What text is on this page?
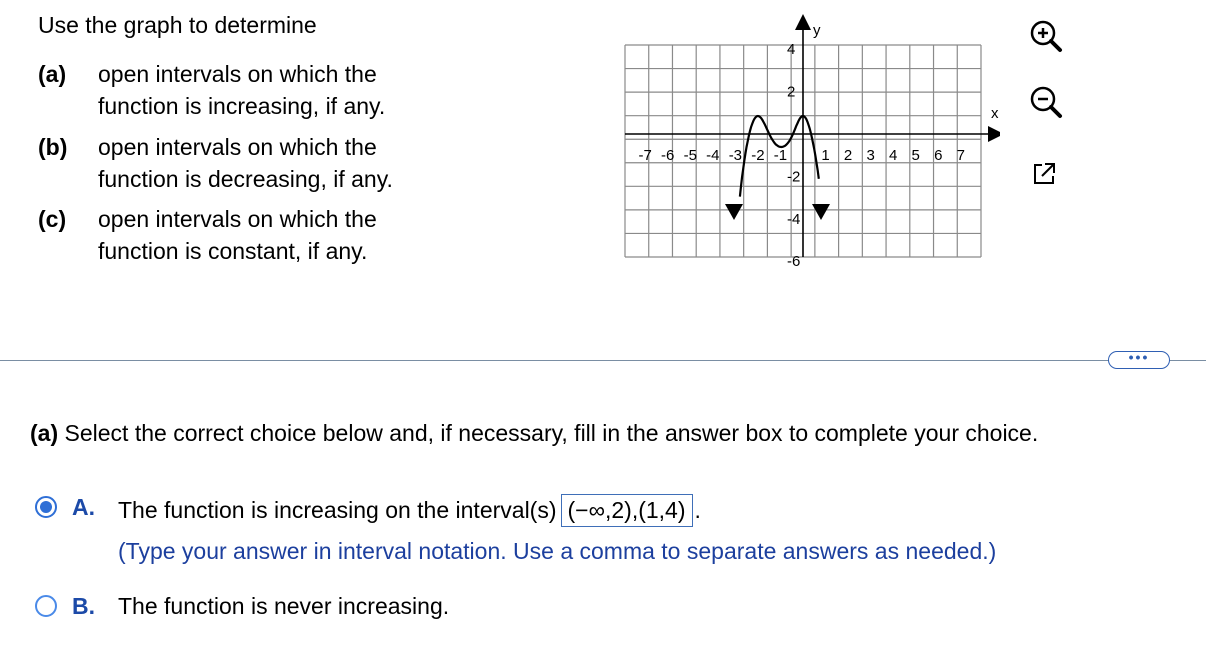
Use the graph to determine
(a) open intervals on which the
function is increasing, if any.
(b) open intervals on which the
function is decreasing, if any.
(c) open intervals on which the
function is constant, if any.
-7 -6 -5 -4 -3 -2 -1 1 2 3 4 5 6 7
4
2
-2
-4
-6
x
y
•••
(a) Select the correct choice below and, if necessary, fill in the answer box to complete your choice.
A. The function is increasing on the interval(s) (−∞,2),(1,4) .
(Type your answer in interval notation. Use a comma to separate answers as needed.)
B. The function is never increasing.
